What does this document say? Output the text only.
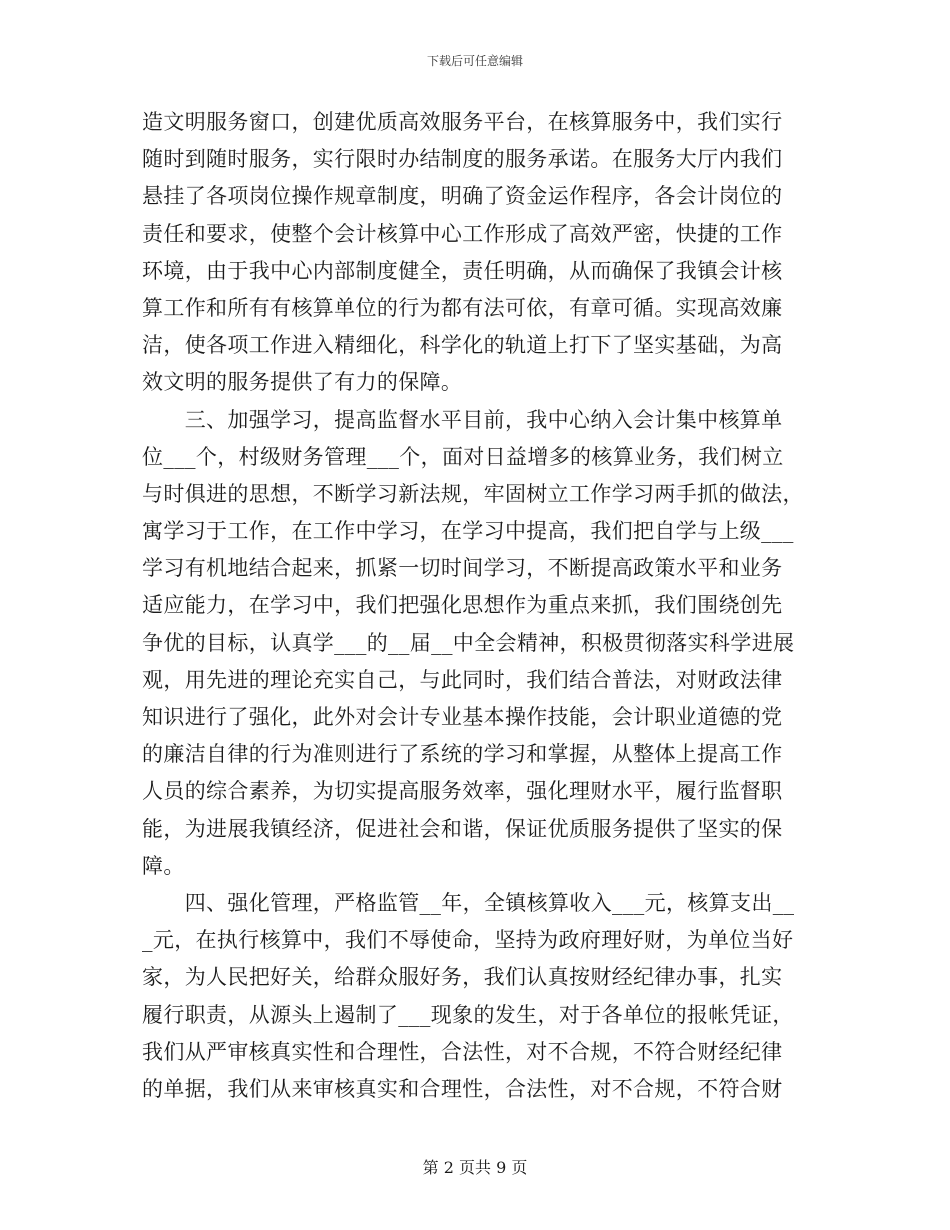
下载后可任意编辑
造文明服务窗口，创建优质高效服务平台，在核算服务中，我们实行
随时到随时服务，实行限时办结制度的服务承诺。在服务大厅内我们
悬挂了各项岗位操作规章制度，明确了资金运作程序，各会计岗位的
责任和要求，使整个会计核算中心工作形成了高效严密，快捷的工作
环境，由于我中心内部制度健全，责任明确，从而确保了我镇会计核
算工作和所有有核算单位的行为都有法可依，有章可循。实现高效廉
洁，使各项工作进入精细化，科学化的轨道上打下了坚实基础，为高
效文明的服务提供了有力的保障。
　　三、加强学习，提高监督水平目前，我中心纳入会计集中核算单
位___个，村级财务管理___个，面对日益增多的核算业务，我们树立
与时俱进的思想，不断学习新法规，牢固树立工作学习两手抓的做法，
寓学习于工作，在工作中学习，在学习中提高，我们把自学与上级___
学习有机地结合起来，抓紧一切时间学习，不断提高政策水平和业务
适应能力，在学习中，我们把强化思想作为重点来抓，我们围绕创先
争优的目标，认真学___的__届__中全会精神，积极贯彻落实科学进展
观，用先进的理论充实自己，与此同时，我们结合普法，对财政法律
知识进行了强化，此外对会计专业基本操作技能，会计职业道德的党
的廉洁自律的行为准则进行了系统的学习和掌握，从整体上提高工作
人员的综合素养，为切实提高服务效率，强化理财水平，履行监督职
能，为进展我镇经济，促进社会和谐，保证优质服务提供了坚实的保
障。
　　四、强化管理，严格监管__年，全镇核算收入___元，核算支出__
_元，在执行核算中，我们不辱使命，坚持为政府理好财，为单位当好
家，为人民把好关，给群众服好务，我们认真按财经纪律办事，扎实
履行职责，从源头上遏制了___现象的发生，对于各单位的报帐凭证，
我们从严审核真实性和合理性，合法性，对不合规，不符合财经纪律
的单据，我们从来审核真实和合理性，合法性，对不合规，不符合财
第 2 页共 9 页
